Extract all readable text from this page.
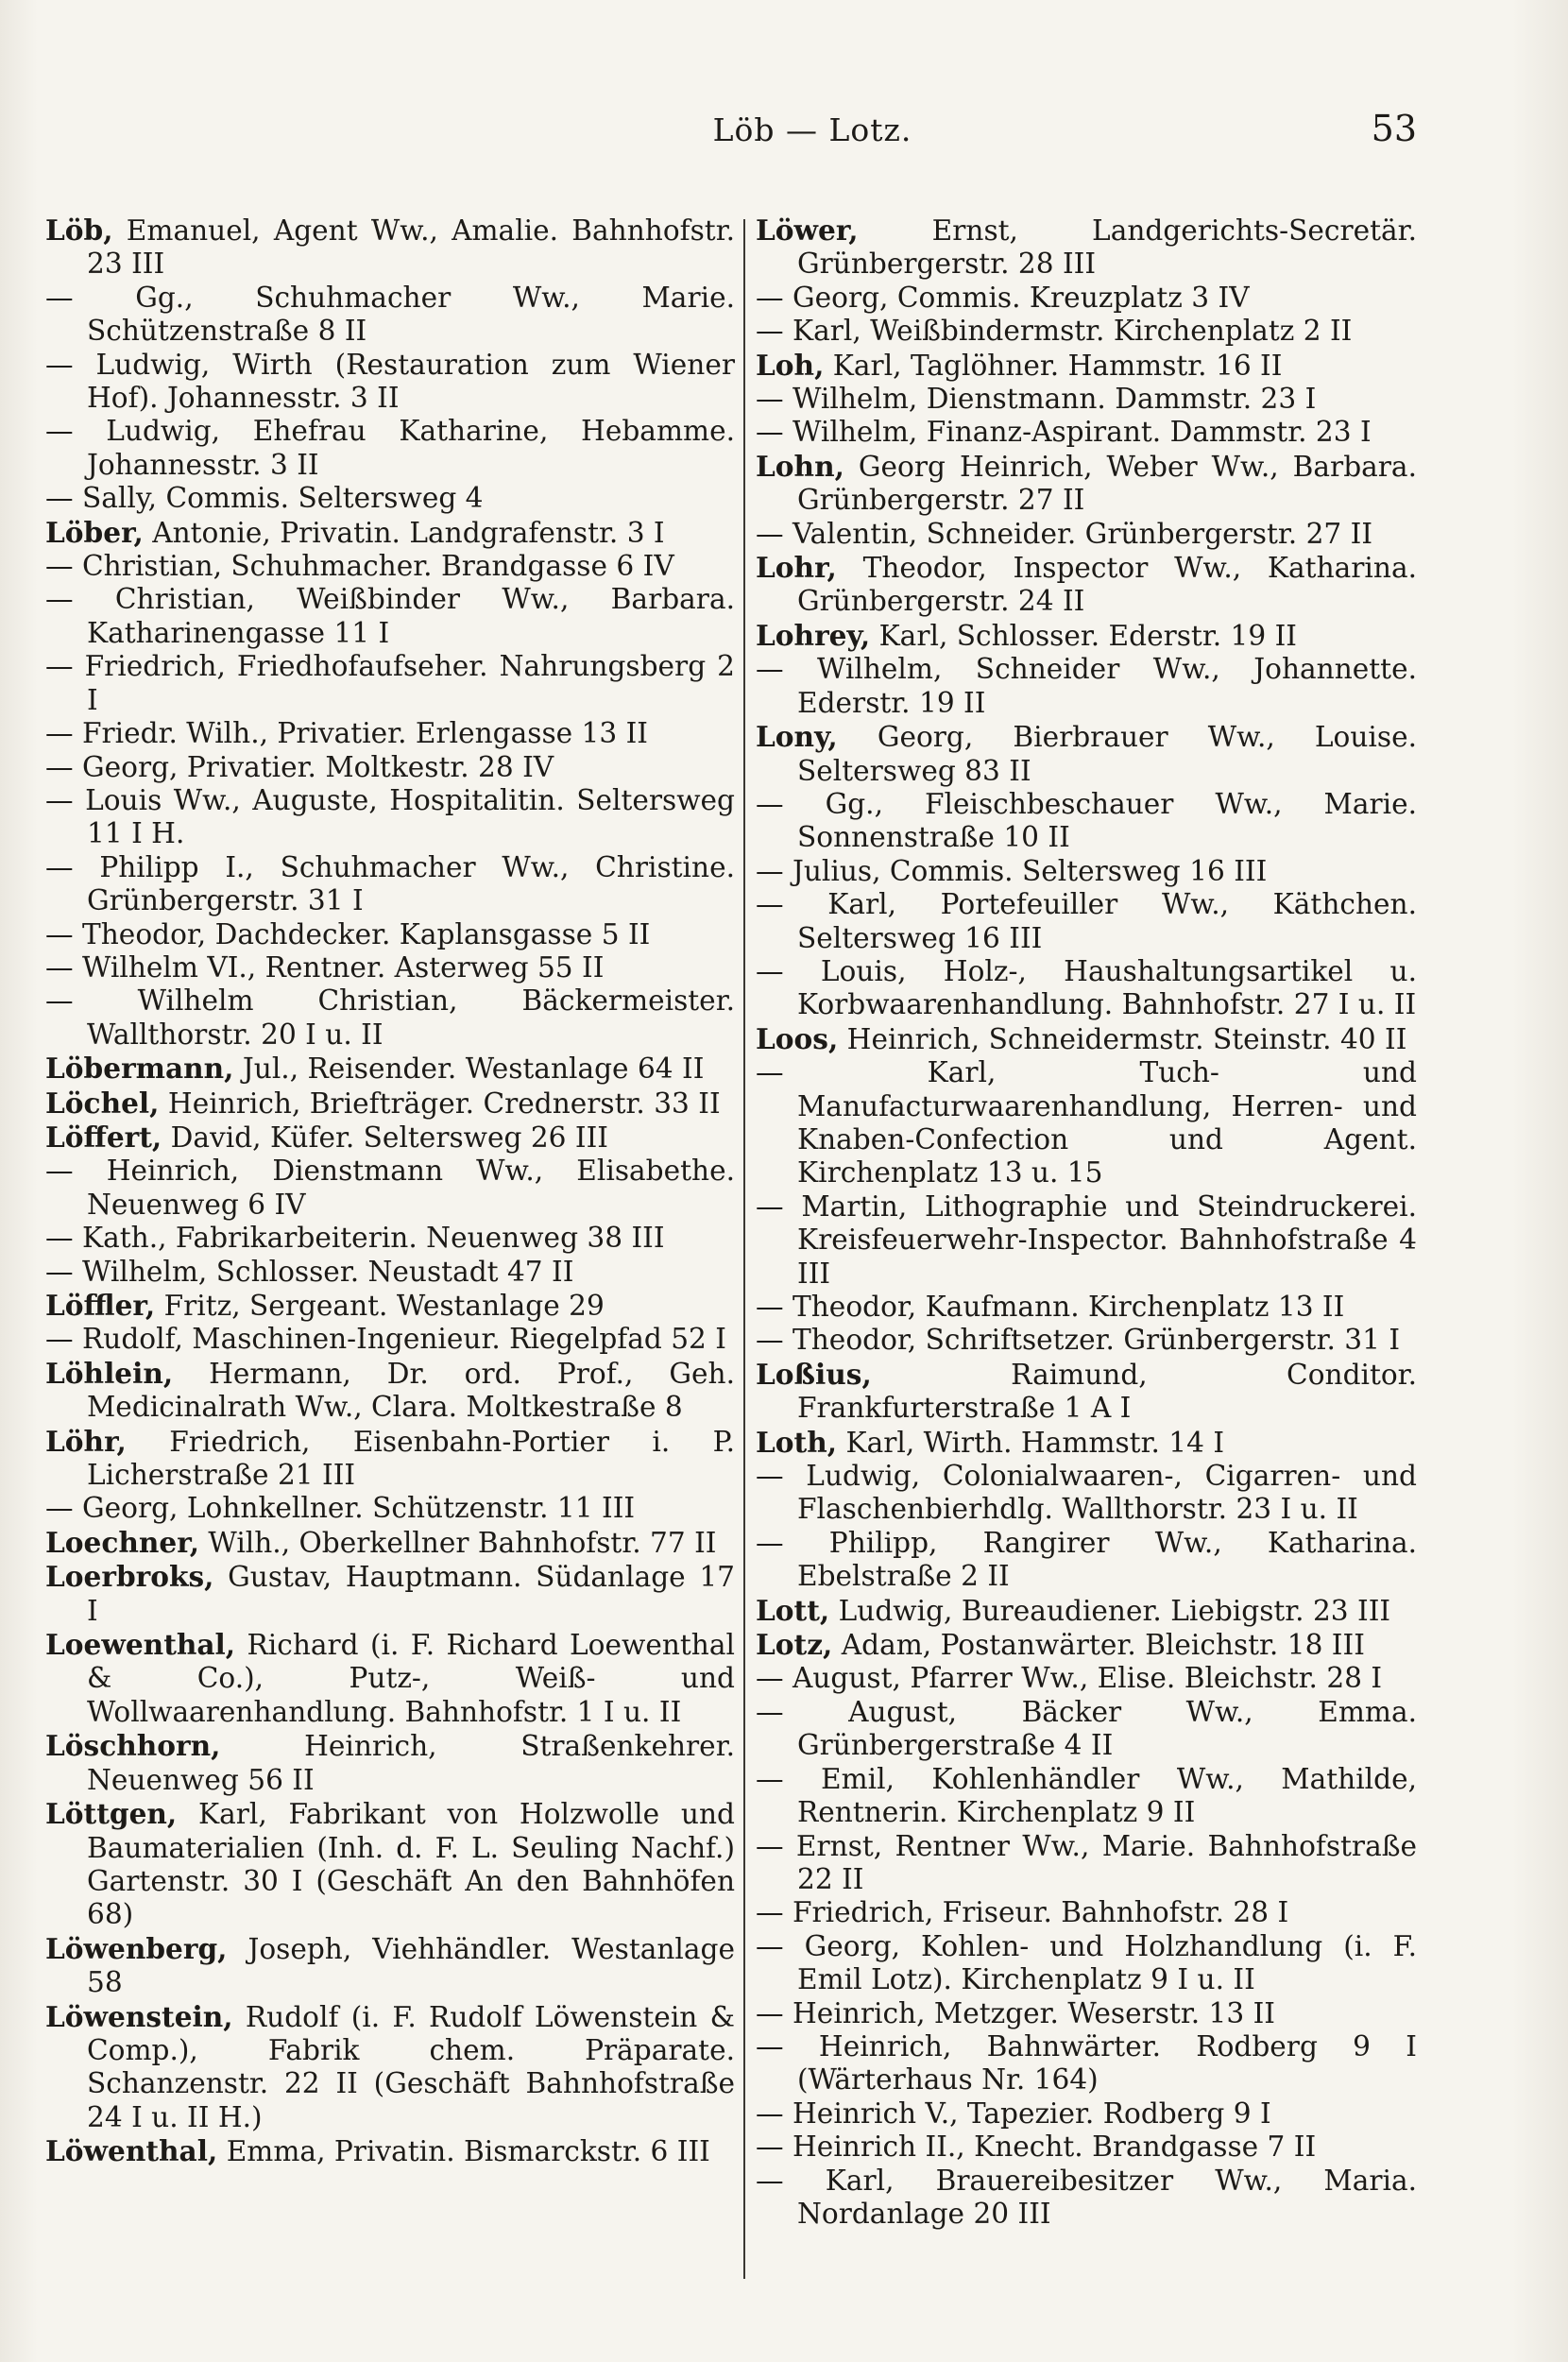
Löb — Lotz.	53

Löb, Emanuel, Agent Ww., Amalie. Bahnhofstr. 23 III

— Gg., Schuhmacher Ww., Marie. Schützenstraße 8 II

— Ludwig, Wirth (Restauration zum Wiener Hof). Johannesstr. 3 II

— Ludwig, Ehefrau Katharine, Hebamme. Johannesstr. 3 II

— Sally, Commis. Seltersweg 4

Löber, Antonie, Privatin. Landgrafenstr. 3 I

— Christian, Schuhmacher. Brandgasse 6 IV

— Christian, Weißbinder Ww., Barbara. Katharinengasse 11 I

— Friedrich, Friedhofaufseher. Nahrungsberg 2 I

— Friedr. Wilh., Privatier. Erlengasse 13 II

— Georg, Privatier. Moltkestr. 28 IV

— Louis Ww., Auguste, Hospitalitin. Seltersweg 11 I H.

— Philipp I., Schuhmacher Ww., Christine. Grünbergerstr. 31 I

— Theodor, Dachdecker. Kaplansgasse 5 II

— Wilhelm VI., Rentner. Asterweg 55 II

— Wilhelm Christian, Bäckermeister. Wallthorstr. 20 I u. II

Löbermann, Jul., Reisender. Westanlage 64 II

Löchel, Heinrich, Briefträger. Crednerstr. 33 II

Löffert, David, Küfer. Seltersweg 26 III

— Heinrich, Dienstmann Ww., Elisabethe. Neuenweg 6 IV

— Kath., Fabrikarbeiterin. Neuenweg 38 III

— Wilhelm, Schlosser. Neustadt 47 II

Löffler, Fritz, Sergeant. Westanlage 29

— Rudolf, Maschinen-Ingenieur. Riegelpfad 52 I

Löhlein, Hermann, Dr. ord. Prof., Geh. Medicinalrath Ww., Clara. Moltkestraße 8

Löhr, Friedrich, Eisenbahn-Portier i. P. Licherstraße 21 III

— Georg, Lohnkellner. Schützenstr. 11 III

Loechner, Wilh., Oberkellner Bahnhofstr. 77 II

Loerbroks, Gustav, Hauptmann. Südanlage 17 I

Loewenthal, Richard (i. F. Richard Loewenthal & Co.), Putz-, Weiß- und Wollwaarenhandlung. Bahnhofstr. 1 I u. II

Löschhorn,	Heinrich, Straßenkehrer. Neuenweg 56 II

Löttgen, Karl, Fabrikant von Holzwolle und Baumaterialien (Inh. d. F. L. Seuling Nachf.) Gartenstr. 30 I (Geschäft An den Bahnhöfen 68)

Löwenberg, Joseph, Viehhändler. Westanlage 58

Löwenstein, Rudolf (i. F. Rudolf Löwenstein & Comp.), Fabrik chem. Präparate. Schanzenstr. 22 II (Geschäft Bahnhofstraße 24 I u. II H.)

Löwenthal, Emma, Privatin. Bismarckstr. 6 III

Löwer,	Ernst, Landgerichts-Secretär. Grünbergerstr. 28 III

— Georg, Commis. Kreuzplatz 3 IV

— Karl, Weißbindermstr. Kirchenplatz 2 II

Loh, Karl, Taglöhner. Hammstr. 16 II

— Wilhelm, Dienstmann. Dammstr. 23 I

— Wilhelm, Finanz-Aspirant. Dammstr. 23 I

Lohn, Georg Heinrich, Weber Ww., Barbara. Grünbergerstr. 27 II

— Valentin, Schneider. Grünbergerstr. 27 II

Lohr, Theodor, Inspector Ww., Katharina. Grünbergerstr. 24 II

Lohrey, Karl, Schlosser. Ederstr. 19 II

— Wilhelm, Schneider Ww., Johannette. Ederstr. 19 II

Lony, Georg, Bierbrauer Ww., Louise. Seltersweg 83 II

— Gg., Fleischbeschauer Ww., Marie. Sonnenstraße 10 II

— Julius, Commis. Seltersweg 16 III

— Karl, Portefeuiller Ww., Käthchen. Seltersweg 16 III

— Louis, Holz-, Haushaltungsartikel u. Korbwaarenhandlung. Bahnhofstr. 27 I u. II

Loos, Heinrich, Schneidermstr. Steinstr. 40 II

— Karl, Tuch- und Manufacturwaarenhandlung, Herren- und Knaben-Confection und Agent. Kirchenplatz 13 u. 15

— Martin, Lithographie und Steindruckerei. Kreisfeuerwehr-Inspector. Bahnhofstraße 4 III

— Theodor, Kaufmann. Kirchenplatz 13 II

— Theodor, Schriftsetzer. Grünbergerstr. 31 I

Loßius,	Raimund, Conditor. Frankfurterstraße 1 A I

Loth, Karl, Wirth. Hammstr. 14 I

— Ludwig, Colonialwaaren-, Cigarren- und Flaschenbierhdlg. Wallthorstr. 23 I u. II

— Philipp, Rangirer Ww., Katharina. Ebelstraße 2 II

Lott, Ludwig, Bureaudiener. Liebigstr. 23 III

Lotz, Adam, Postanwärter. Bleichstr. 18 III

— August, Pfarrer Ww., Elise. Bleichstr. 28 I

— August, Bäcker Ww., Emma. Grünbergerstraße 4 II

— Emil, Kohlenhändler Ww., Mathilde, Rentnerin. Kirchenplatz 9 II

— Ernst, Rentner Ww., Marie. Bahnhofstraße 22 II

— Friedrich, Friseur. Bahnhofstr. 28 I

— Georg, Kohlen- und Holzhandlung (i. F. Emil Lotz). Kirchenplatz 9 I u. II

— Heinrich, Metzger. Weserstr. 13 II

— Heinrich, Bahnwärter. Rodberg 9 I (Wärterhaus Nr. 164)

— Heinrich V., Tapezier. Rodberg 9 I

— Heinrich II., Knecht. Brandgasse 7 II

— Karl, Brauereibesitzer Ww., Maria. Nordanlage 20 III
